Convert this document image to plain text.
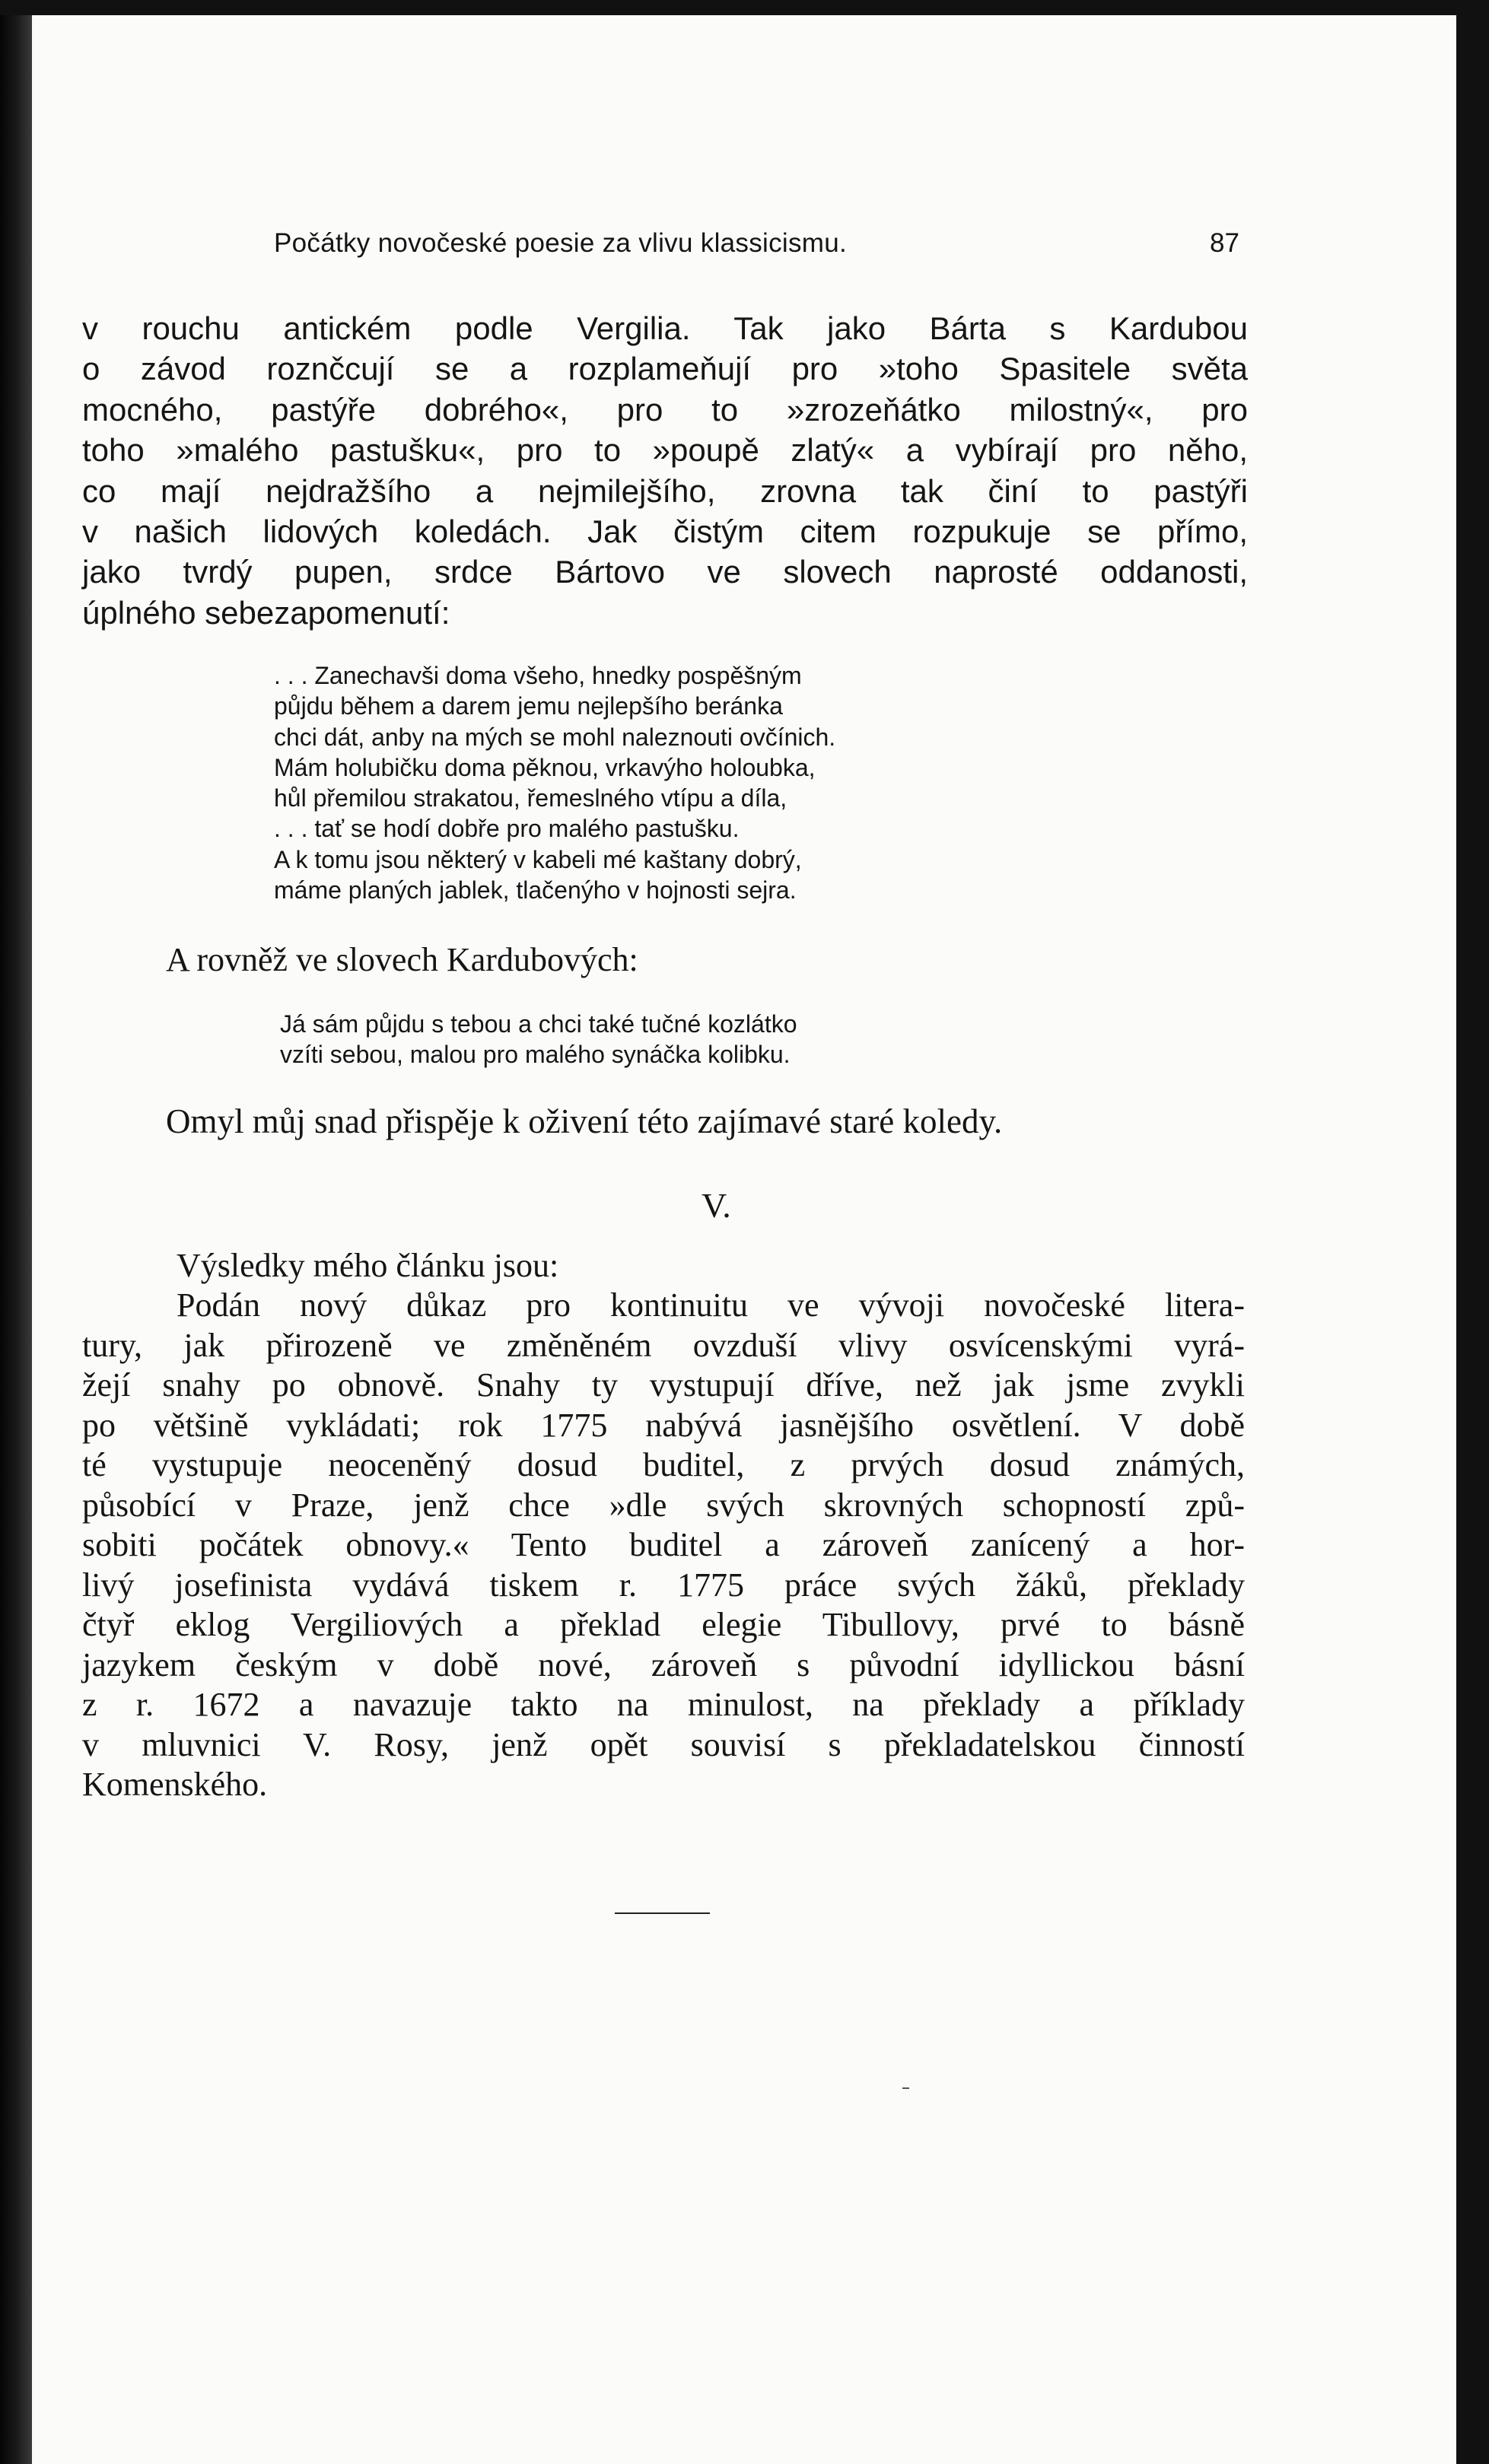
Počátky novočeské poesie za vlivu klassicismu.	87
v rouchu antickém podle Vergilia. Tak jako Bárta s Kardubou
o závod roznčcují se a rozplameňují pro »toho Spasitele světa
mocného, pastýře dobrého«, pro to »zrozeňátko milostný«, pro
toho »malého pastušku«, pro to »poupě zlatý« a vybírají pro něho,
co mají nejdražšího a nejmilejšího, zrovna tak činí to pastýři
v našich lidových koledách. Jak čistým citem rozpukuje se přímo,
jako tvrdý pupen, srdce Bártovo ve slovech naprosté oddanosti,
úplného sebezapomenutí:
. . . Zanechavši doma všeho, hnedky pospěšným
půjdu během a darem jemu nejlepšího beránka
chci dát, anby na mých se mohl naleznouti ovčínich.
Mám holubičku doma pěknou, vrkavýho holoubka,
hůl přemilou strakatou, řemeslného vtípu a díla,
. . . tať se hodí dobře pro malého pastušku.
A k tomu jsou některý v kabeli mé kaštany dobrý,
máme planých jablek, tlačenýho v hojnosti sejra.
A rovněž ve slovech Kardubových:
Já sám půjdu s tebou a chci také tučné kozlátko
vzíti sebou, malou pro malého synáčka kolibku.
Omyl můj snad přispěje k oživení této zajímavé staré koledy.
V.
Výsledky mého článku jsou:
Podán nový důkaz pro kontinuitu ve vývoji novočeské litera-
tury, jak přirozeně ve změněném ovzduší vlivy osvícenskými vyrá-
žejí snahy po obnově. Snahy ty vystupují dříve, než jak jsme zvykli
po většině vykládati; rok 1775 nabývá jasnějšího osvětlení. V době
té vystupuje neoceněný dosud buditel, z prvých dosud známých,
působící v Praze, jenž chce »dle svých skrovných schopností způ-
sobiti počátek obnovy.« Tento buditel a zároveň zanícený a hor-
livý josefinista vydává tiskem r. 1775 práce svých žáků, překlady
čtyř eklog Vergiliových a překlad elegie Tibullovy, prvé to básně
jazykem českým v době nové, zároveň s původní idyllickou básní
z r. 1672 a navazuje takto na minulost, na překlady a příklady
v mluvnici V. Rosy, jenž opět souvisí s překladatelskou činností
Komenského.
